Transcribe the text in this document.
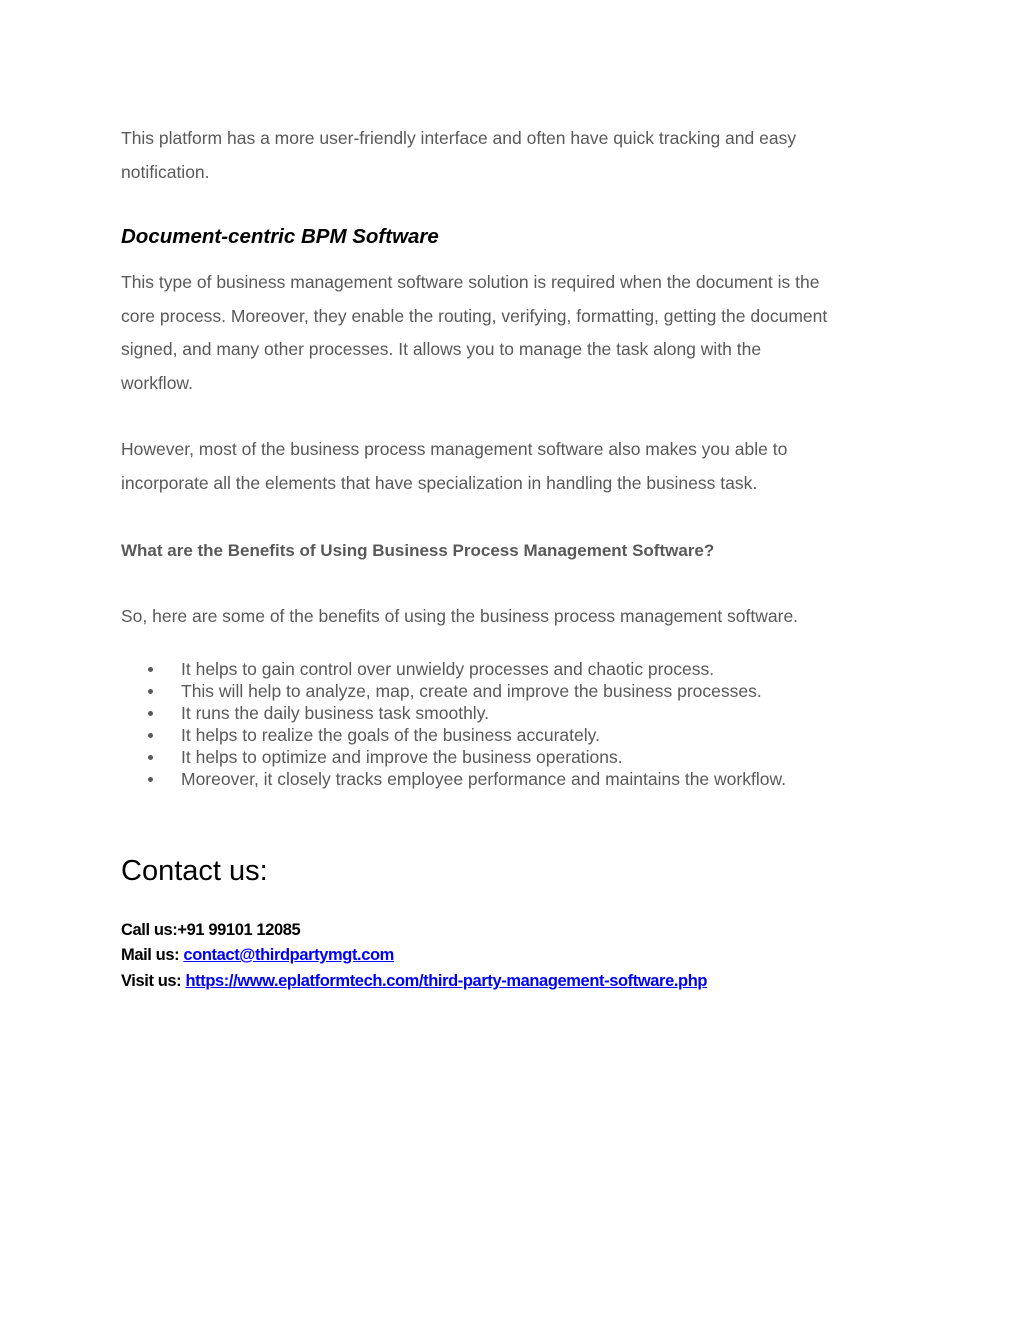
This platform has a more user-friendly interface and often have quick tracking and easy
notification.

Document-centric BPM Software

This type of business management software solution is required when the document is the
core process. Moreover, they enable the routing, verifying, formatting, getting the document
signed, and many other processes. It allows you to manage the task along with the
workflow.

However, most of the business process management software also makes you able to
incorporate all the elements that have specialization in handling the business task.

What are the Benefits of Using Business Process Management Software?

So, here are some of the benefits of using the business process management software.

It helps to gain control over unwieldy processes and chaotic process.
This will help to analyze, map, create and improve the business processes.
It runs the daily business task smoothly.
It helps to realize the goals of the business accurately.
It helps to optimize and improve the business operations.
Moreover, it closely tracks employee performance and maintains the workflow.
Contact us:

Call us:+91 99101 12085

Mail us: contact@thirdpartymgt.com

Visit us: https://www.eplatformtech.com/third-party-management-software.php
